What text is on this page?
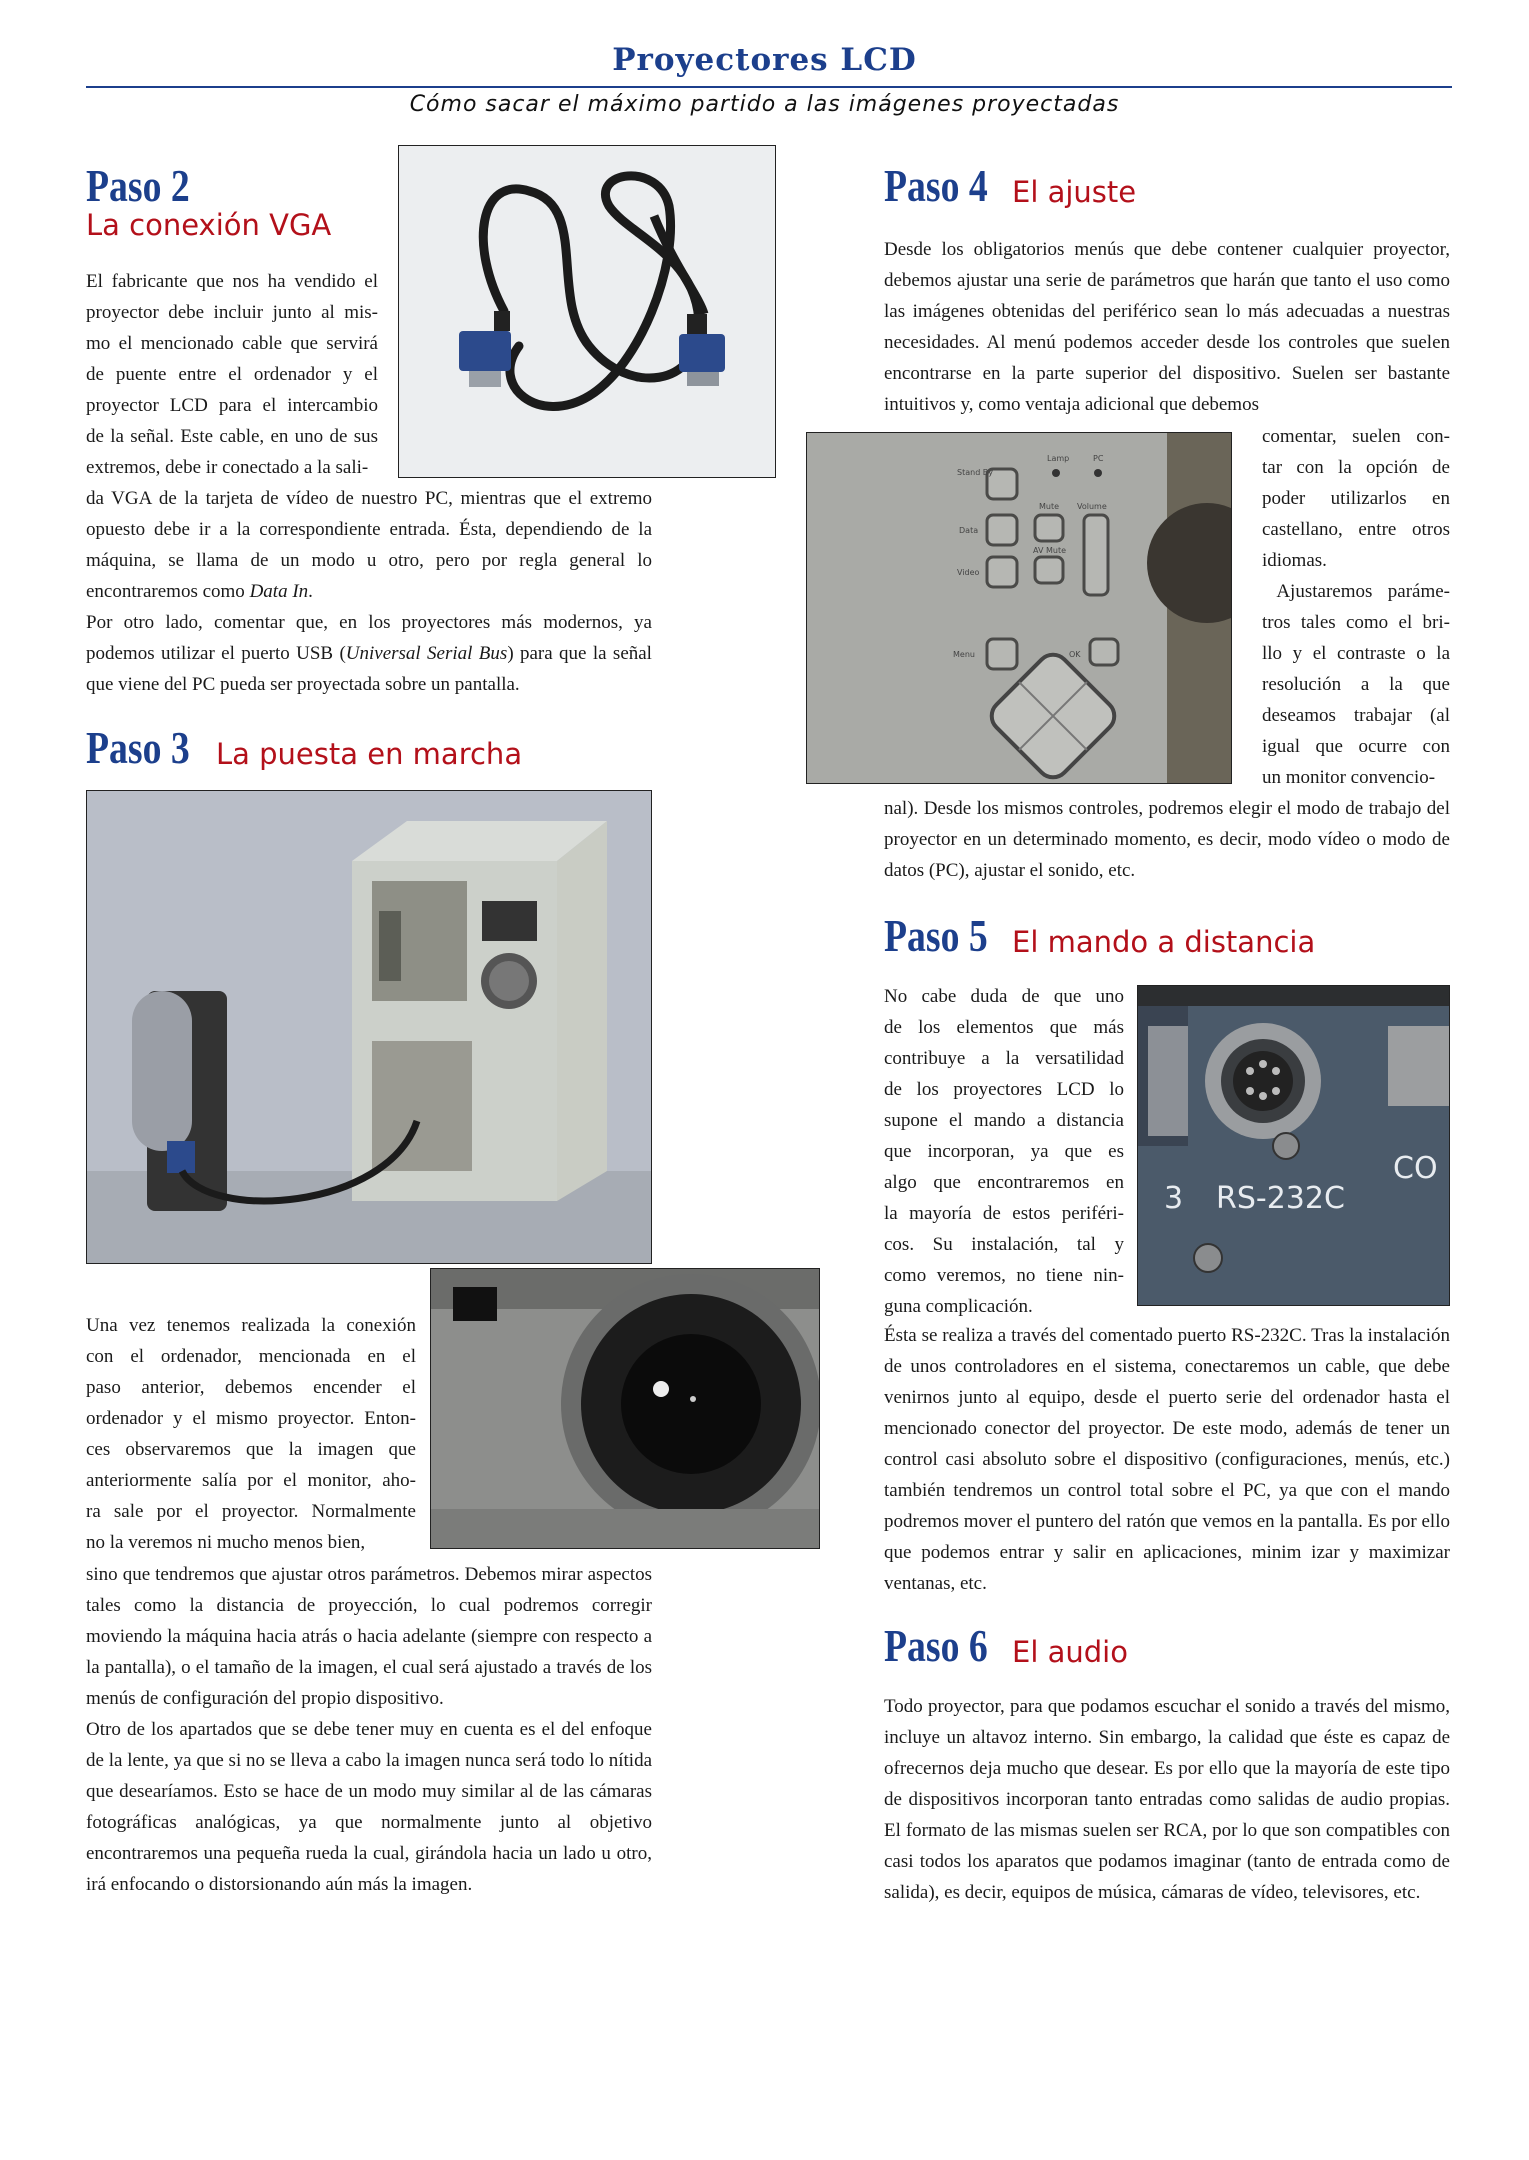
Proyectores LCD
Cómo sacar el máximo partido a las imágenes proyectadas
Paso 2
La conexión VGA
El fabricante que nos ha vendido el
proyector debe incluir junto al mis-
mo el mencionado cable que servirá
de puente entre el ordenador y el
proyector LCD para el intercambio
de la señal. Este cable, en uno de sus
extremos, debe ir conectado a la sali-

da VGA de la tarjeta de vídeo de nuestro PC, mientras que el extremo opuesto debe ir a la correspondiente entrada. Ésta, dependiendo de la máquina, se llama de un modo u otro, pero por regla general lo encontraremos como Data In.

Por otro lado, comentar que, en los proyectores más modernos, ya podemos utilizar el puerto USB (Universal Serial Bus) para que la señal que viene del PC pueda ser proyectada sobre un pantalla.

Paso 3 La puesta en marcha
Una vez tenemos realizada la conexión
con el ordenador, mencionada en el
paso anterior, debemos encender el
ordenador y el mismo proyector. Enton-
ces observaremos que la imagen que
anteriormente salía por el monitor, aho-
ra sale por el proyector. Normalmente
no la veremos ni mucho menos bien,

sino que tendremos que ajustar otros parámetros. Debemos mirar aspectos tales como la distancia de proyección, lo cual podremos corregir moviendo la máquina hacia atrás o hacia adelante (siempre con respecto a la pantalla), o el tamaño de la imagen, el cual será ajustado a través de los menús de configuración del propio dispositivo.

Otro de los apartados que se debe tener muy en cuenta es el del enfoque de la lente, ya que si no se lleva a cabo la imagen nunca será todo lo nítida que desearíamos. Esto se hace de un modo muy similar al de las cámaras fotográficas analógicas, ya que normalmente junto al objetivo encontraremos una pequeña rueda la cual, girándola hacia un lado u otro, irá enfocando o distorsionando aún más la imagen.

Paso 4 El ajuste

Desde los obligatorios menús que debe contener cualquier proyector, debemos ajustar una serie de parámetros que harán que tanto el uso como las imágenes obtenidas del periférico sean lo más adecuadas a nuestras necesidades. Al menú podemos acceder desde los controles que suelen encontrarse en la parte superior del dispositivo. Suelen ser bastante intuitivos y, como ventaja adicional que debemos

Stand By
Lamp	PC
Data
Mute Volume
AV Mute
Video
Menu	OK
comentar, suelen con-
tar con la opción de
poder utilizarlos en
castellano, entre otros
idiomas.
Ajustaremos paráme-
tros tales como el bri-
llo y el contraste o la
resolución a la que
deseamos trabajar (al
igual que ocurre con
un monitor convencio-

nal). Desde los mismos controles, podremos elegir el modo de trabajo del proyector en un determinado momento, es decir, modo vídeo o modo de datos (PC), ajustar el sonido, etc.

Paso 5 El mando a distancia
No cabe duda de que uno
de los elementos que más
contribuye a la versatilidad
de los proyectores LCD lo
supone el mando a distancia
que incorporan, ya que es
algo que encontraremos en
la mayoría de estos periféri-
cos. Su instalación, tal y
como veremos, no tiene nin-
guna complicación.
RS-232C
CO
3

Ésta se realiza a través del comentado puerto RS-232C. Tras la instalación de unos controladores en el sistema, conectaremos un cable, que debe venirnos junto al equipo, desde el puerto serie del ordenador hasta el mencionado conector del proyector. De este modo, además de tener un control casi absoluto sobre el dispositivo (configuraciones, menús, etc.) también tendremos un control total sobre el PC, ya que con el mando podremos mover el puntero del ratón que vemos en la pantalla. Es por ello que podemos entrar y salir en aplicaciones, minim izar y maximizar ventanas, etc.

Paso 6 El audio

Todo proyector, para que podamos escuchar el sonido a través del mismo, incluye un altavoz interno. Sin embargo, la calidad que éste es capaz de ofrecernos deja mucho que desear. Es por ello que la mayoría de este tipo de dispositivos incorporan tanto entradas como salidas de audio propias. El formato de las mismas suelen ser RCA, por lo que son compatibles con casi todos los aparatos que podamos imaginar (tanto de entrada como de salida), es decir, equipos de música, cámaras de vídeo, televisores, etc.
